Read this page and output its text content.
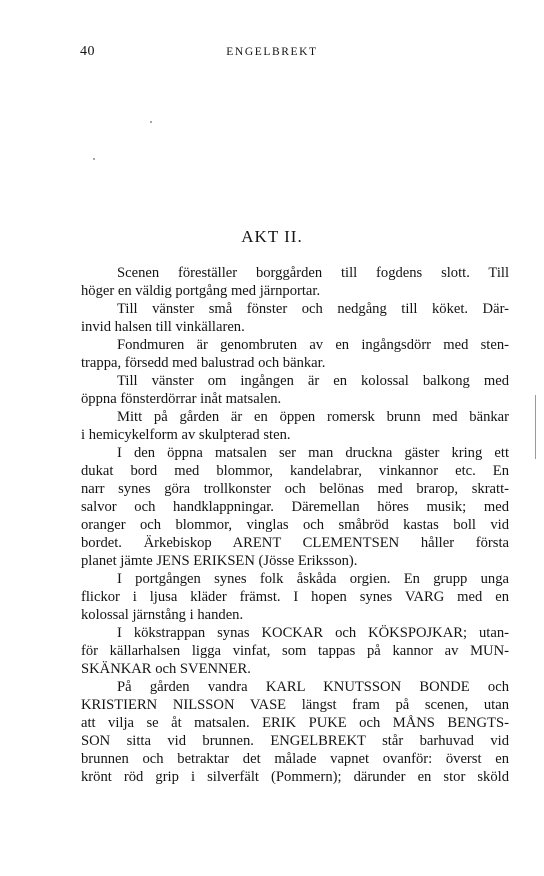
40	ENGELBREKT
AKT II.
Scenen föreställer borggården till fogdens slott. Till
höger en väldig portgång med järnportar.
Till vänster små fönster och nedgång till köket. Där-
invid halsen till vinkällaren.
Fondmuren är genombruten av en ingångsdörr med sten-
trappa, försedd med balustrad och bänkar.
Till vänster om ingången är en kolossal balkong med
öppna fönsterdörrar inåt matsalen.
Mitt på gården är en öppen romersk brunn med bänkar
i hemicykelform av skulpterad sten.
I den öppna matsalen ser man druckna gäster kring ett
dukat bord med blommor, kandelabrar, vinkannor etc. En
narr synes göra trollkonster och belönas med brarop, skratt-
salvor och handklappningar. Däremellan höres musik; med
oranger och blommor, vinglas och småbröd kastas boll vid
bordet. Ärkebiskop ARENT CLEMENTSEN håller första
planet jämte JENS ERIKSEN (Jösse Eriksson).
I portgången synes folk åskåda orgien. En grupp unga
flickor i ljusa kläder främst. I hopen synes VARG med en
kolossal järnstång i handen.
I kökstrappan synas KOCKAR och KÖKSPOJKAR; utan-
för källarhalsen ligga vinfat, som tappas på kannor av MUN-
SKÄNKAR och SVENNER.
På gården vandra KARL KNUTSSON BONDE och
KRISTIERN NILSSON VASE längst fram på scenen, utan
att vilja se åt matsalen. ERIK PUKE och MÅNS BENGTS-
SON sitta vid brunnen. ENGELBREKT står barhuvad vid
brunnen och betraktar det målade vapnet ovanför: överst en
krönt röd grip i silverfält (Pommern); därunder en stor sköld
